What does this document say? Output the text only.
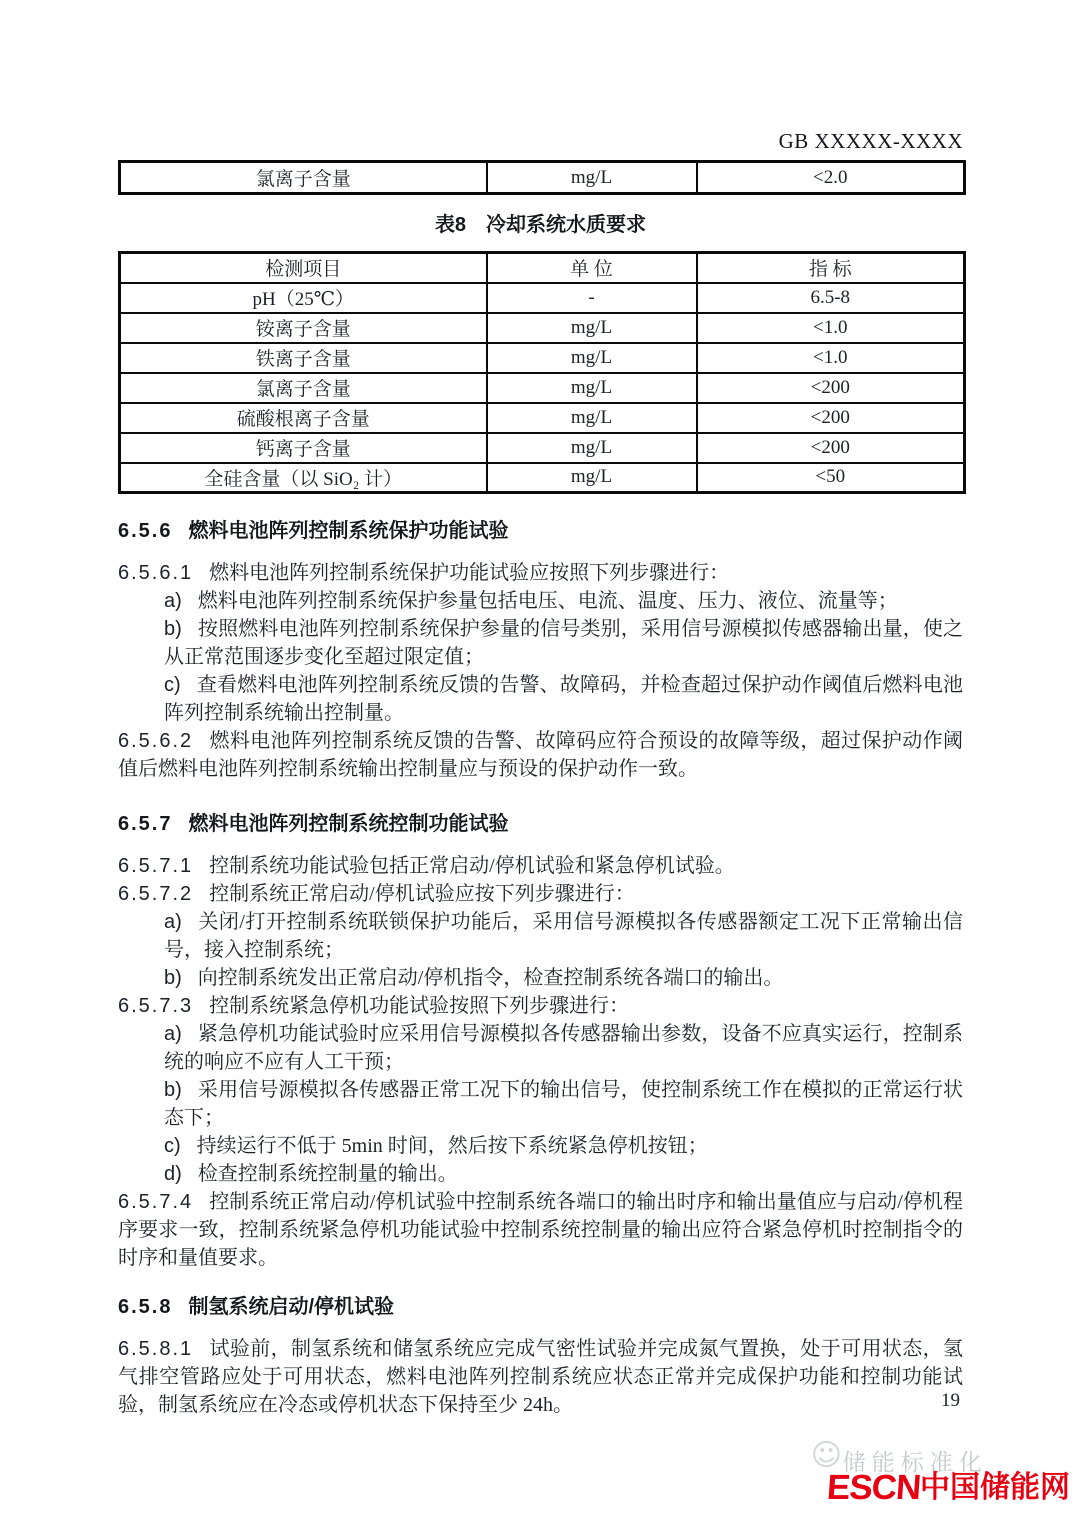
GB XXXXX-XXXX
氯离子含量	mg/L	<2.0
表8　冷却系统水质要求
检测项目	单 位	指 标
pH（25℃）	-	6.5-8
铵离子含量	mg/L	<1.0
铁离子含量	mg/L	<1.0
氯离子含量	mg/L	<200
硫酸根离子含量	mg/L	<200
钙离子含量	mg/L	<200
全硅含量（以 SiO₂ 计）	mg/L	<50
6.5.6 燃料电池阵列控制系统保护功能试验

6.5.6.1 燃料电池阵列控制系统保护功能试验应按照下列步骤进行：

a) 燃料电池阵列控制系统保护参量包括电压、电流、温度、压力、液位、流量等；

b) 按照燃料电池阵列控制系统保护参量的信号类别，采用信号源模拟传感器输出量，使之从正常范围逐步变化至超过限定值；

c) 查看燃料电池阵列控制系统反馈的告警、故障码，并检查超过保护动作阈值后燃料电池阵列控制系统输出控制量。

6.5.6.2 燃料电池阵列控制系统反馈的告警、故障码应符合预设的故障等级，超过保护动作阈值后燃料电池阵列控制系统输出控制量应与预设的保护动作一致。

6.5.7 燃料电池阵列控制系统控制功能试验

6.5.7.1 控制系统功能试验包括正常启动/停机试验和紧急停机试验。

6.5.7.2 控制系统正常启动/停机试验应按下列步骤进行：

a) 关闭/打开控制系统联锁保护功能后，采用信号源模拟各传感器额定工况下正常输出信号，接入控制系统；

b) 向控制系统发出正常启动/停机指令，检查控制系统各端口的输出。

6.5.7.3 控制系统紧急停机功能试验按照下列步骤进行：

a) 紧急停机功能试验时应采用信号源模拟各传感器输出参数，设备不应真实运行，控制系统的响应不应有人工干预；

b) 采用信号源模拟各传感器正常工况下的输出信号，使控制系统工作在模拟的正常运行状态下；

c) 持续运行不低于 5min 时间，然后按下系统紧急停机按钮；

d) 检查控制系统控制量的输出。

6.5.7.4 控制系统正常启动/停机试验中控制系统各端口的输出时序和输出量值应与启动/停机程序要求一致，控制系统紧急停机功能试验中控制系统控制量的输出应符合紧急停机时控制指令的时序和量值要求。

6.5.8 制氢系统启动/停机试验

6.5.8.1 试验前，制氢系统和储氢系统应完成气密性试验并完成氮气置换，处于可用状态，氢气排空管路应处于可用状态，燃料电池阵列控制系统应状态正常并完成保护功能和控制功能试验，制氢系统应在冷态或停机状态下保持至少 24h。	19
☺ 储能标准化
ESCN中国储能网
